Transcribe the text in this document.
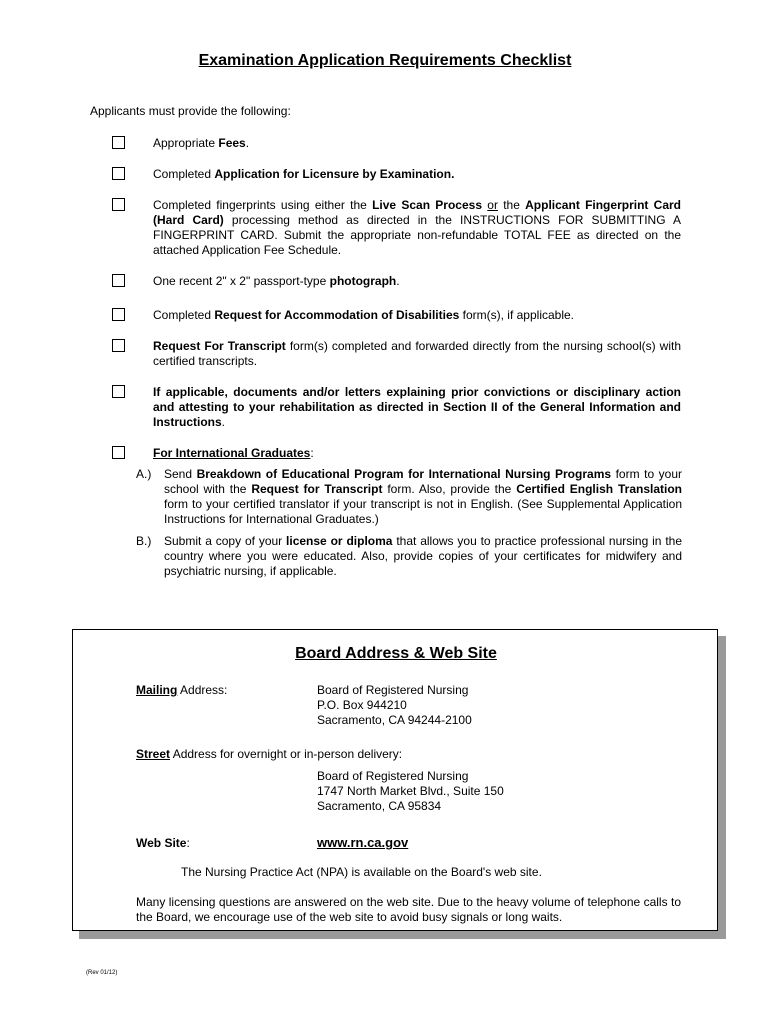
Examination Application Requirements Checklist
Applicants must provide the following:
Appropriate Fees.
Completed Application for Licensure by Examination.
Completed fingerprints using either the Live Scan Process or the Applicant Fingerprint Card (Hard Card) processing method as directed in the INSTRUCTIONS FOR SUBMITTING A FINGERPRINT CARD. Submit the appropriate non-refundable TOTAL FEE as directed on the attached Application Fee Schedule.
One recent 2" x 2" passport-type photograph.
Completed Request for Accommodation of Disabilities form(s), if applicable.
Request For Transcript form(s) completed and forwarded directly from the nursing school(s) with certified transcripts.
If applicable, documents and/or letters explaining prior convictions or disciplinary action and attesting to your rehabilitation as directed in Section II of the General Information and Instructions.
For International Graduates:
A.) Send Breakdown of Educational Program for International Nursing Programs form to your school with the Request for Transcript form. Also, provide the Certified English Translation form to your certified translator if your transcript is not in English. (See Supplemental Application Instructions for International Graduates.)
B.) Submit a copy of your license or diploma that allows you to practice professional nursing in the country where you were educated. Also, provide copies of your certificates for midwifery and psychiatric nursing, if applicable.
Board Address & Web Site
Mailing Address:	Board of Registered Nursing
P.O. Box 944210
Sacramento, CA 94244-2100
Street Address for overnight or in-person delivery:
Board of Registered Nursing
1747 North Market Blvd., Suite 150
Sacramento, CA 95834
Web Site:	www.rn.ca.gov
The Nursing Practice Act (NPA) is available on the Board's web site.
Many licensing questions are answered on the web site. Due to the heavy volume of telephone calls to the Board, we encourage use of the web site to avoid busy signals or long waits.
(Rev 01/12)
